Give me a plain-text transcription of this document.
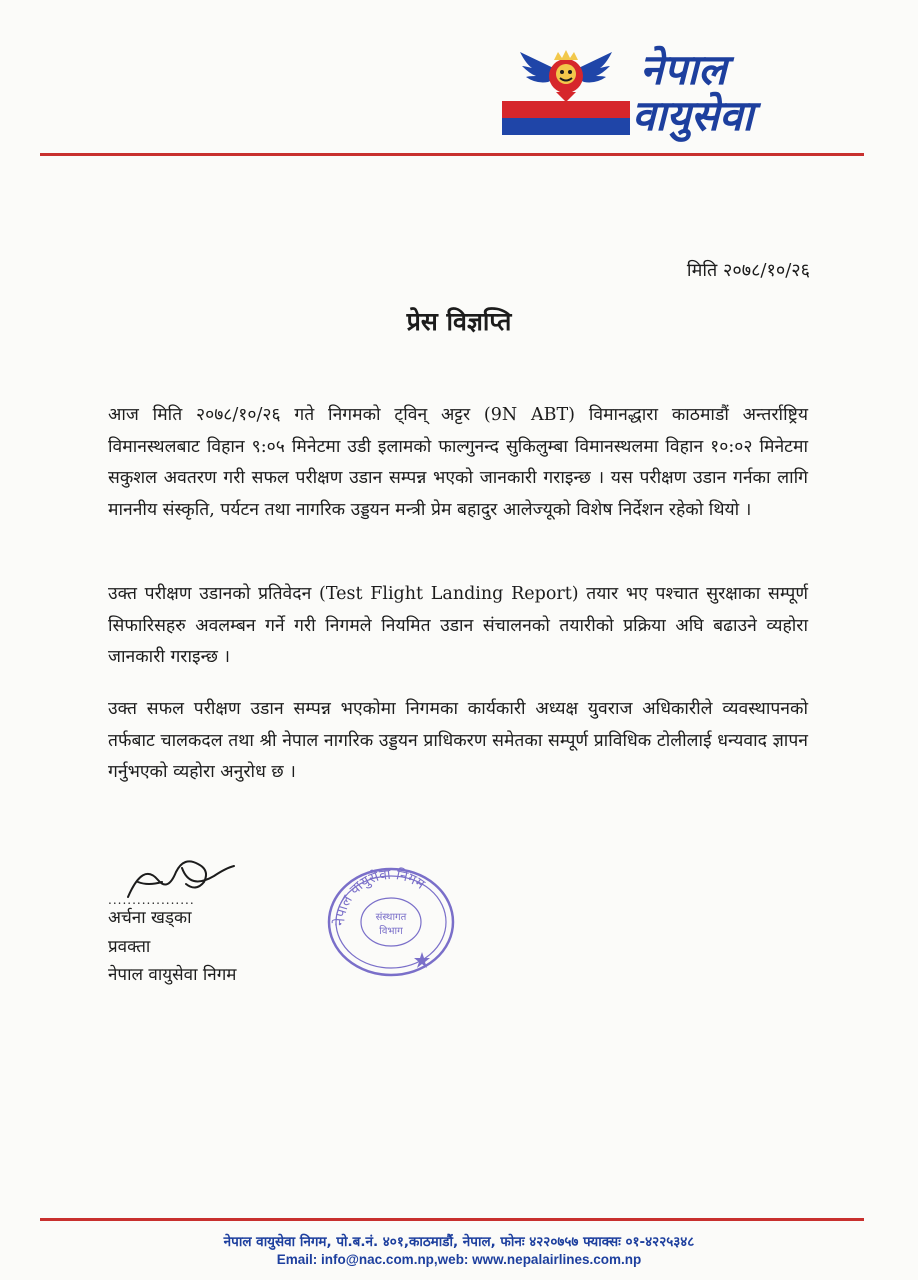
नेपाल
वायुसेवा
मिति २०७८/१०/२६
प्रेस विज्ञप्ति
आज मिति २०७८/१०/२६ गते निगमको ट्विन् अट्टर (9N ABT) विमानद्धारा काठमाडौं अन्तर्राष्ट्रिय विमानस्थलबाट विहान ९:०५ मिनेटमा उडी इलामको फाल्गुनन्द सुकिलुम्बा विमानस्थलमा विहान १०:०२ मिनेटमा सकुशल अवतरण गरी सफल परीक्षण उडान सम्पन्न भएको जानकारी गराइन्छ । यस परीक्षण उडान गर्नका लागि माननीय संस्कृति, पर्यटन तथा नागरिक उड्डयन मन्त्री प्रेम बहादुर आलेज्यूको विशेष निर्देशन रहेको थियो ।
उक्त परीक्षण उडानको प्रतिवेदन (Test Flight Landing Report) तयार भए पश्चात सुरक्षाका सम्पूर्ण सिफारिसहरु अवलम्बन गर्ने गरी निगमले नियमित उडान संचालनको तयारीको प्रक्रिया अघि बढाउने व्यहोरा जानकारी गराइन्छ ।
उक्त सफल परीक्षण उडान सम्पन्न भएकोमा निगमका कार्यकारी अध्यक्ष युवराज अधिकारीले व्यवस्थापनको तर्फबाट चालकदल तथा श्री नेपाल नागरिक उड्डयन प्राधिकरण समेतका सम्पूर्ण प्राविधिक टोलीलाई धन्यवाद ज्ञापन गर्नुभएको व्यहोरा अनुरोध छ ।
..................
अर्चना खड्का
प्रवक्ता
नेपाल वायुसेवा निगम
नेपाल वायुसेवा निगम
संस्थागत
विभाग
नेपाल वायुसेवा निगम, पो.ब.नं. ४०१,काठमाडौं, नेपाल, फोनः ४२२०७५७ फ्याक्सः ०१-४२२५३४८
Email: info@nac.com.np,web: www.nepalairlines.com.np
